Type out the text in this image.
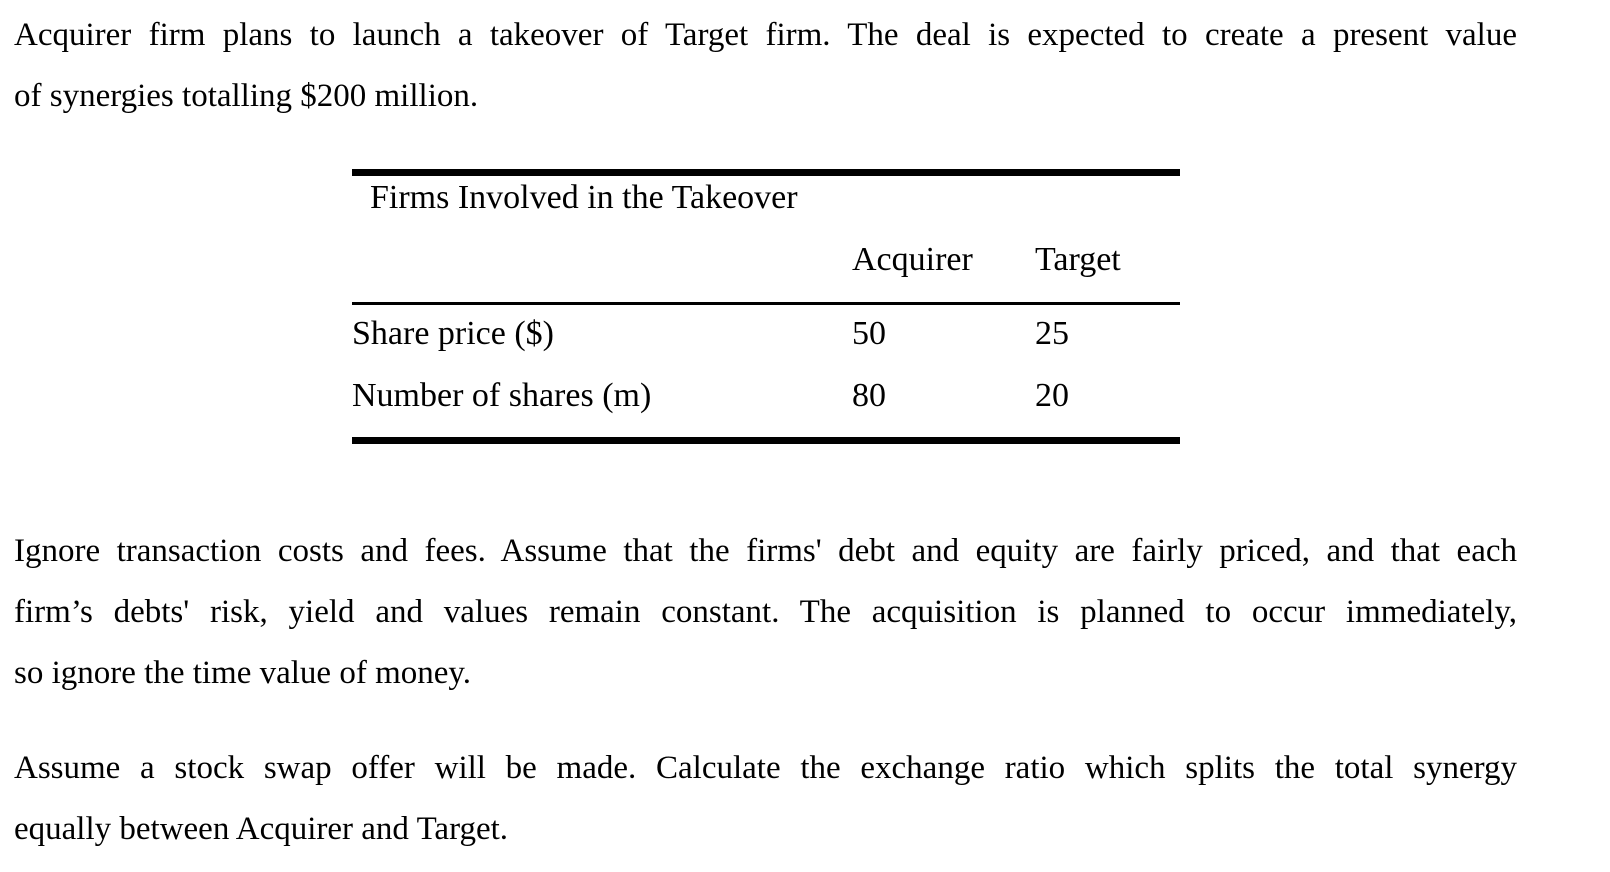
Acquirer firm plans to launch a takeover of Target firm. The deal is expected to create a present value
of synergies totalling $200 million.
Firms Involved in the Takeover		
	Acquirer	Target
Share price ($)	50	25
Number of shares (m)	80	20
Ignore transaction costs and fees. Assume that the firms' debt and equity are fairly priced, and that each
firm’s debts' risk, yield and values remain constant. The acquisition is planned to occur immediately,
so ignore the time value of money.
Assume a stock swap offer will be made. Calculate the exchange ratio which splits the total synergy
equally between Acquirer and Target.
